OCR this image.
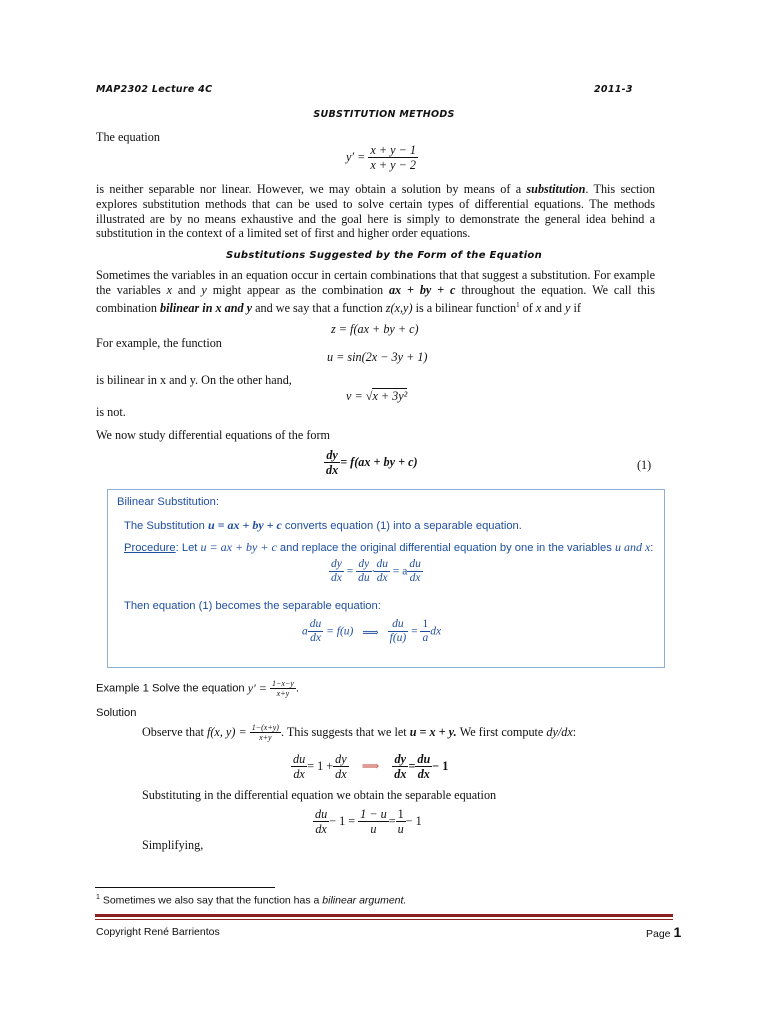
MAP2302 Lecture 4C	2011-3
SUBSTITUTION METHODS
The equation
$y' = \frac{x + y - 1}{x + y - 2}$
is neither separable nor linear. However, we may obtain a solution by means of a substitution. This section explores substitution methods that can be used to solve certain types of differential equations. The methods illustrated are by no means exhaustive and the goal here is simply to demonstrate the general idea behind a substitution in the context of a limited set of first and higher order equations.
Substitutions Suggested by the Form of the Equation
Sometimes the variables in an equation occur in certain combinations that that suggest a substitution. For example the variables x and y might appear as the combination ax + by + c throughout the equation. We call this combination bilinear in x and y and we say that a function z(x,y) is a bilinear function$^1$ of x and y if
z = f(ax + by + c)
For example, the function
u = sin(2x − 3y + 1)
is bilinear in x and y. On the other hand,
v = √x + 3y²
is not.
We now study differential equations of the form
$\frac{dy}{dx} = f(ax$ + by + c)	(1)
Bilinear Substitution:
The Substitution u = ax + by + c converts equation (1) into a separable equation.
Procedure: Let u = ax + by + c and replace the original differential equation by one in the variables u and x:
$\frac{dy}{dx} = \frac{dy}{du} \cdot \frac{du}{dx} = a \frac{du}{dx}$
Then equation (1) becomes the separable equation:
a $\frac{du}{dx} = f(u)$ ⟹ $\frac{du}{f(u)} = \frac{1}{a}$ dx
Example 1 Solve the equation $y' = \frac{1-x-y}{x+y}$ .
Solution
Observe that f(x, $y) = \frac{1-(x+y)}{x+y}$ . This suggests that we let u = x + y. We first compute dy/dx:
$\frac{du}{dx} = 1 + \frac{dy}{dx}$ ⟹ $\frac{dy}{dx} = \frac{du}{dx} - 1$
Substituting in the differential equation we obtain the separable equation
$\frac{du}{dx} - 1 = \frac{1 - u}{u} = \frac{1}{u} - 1$
Simplifying,
$^1$ Sometimes we also say that the function has a bilinear argument.
Copyright René Barrientos	Page 1
